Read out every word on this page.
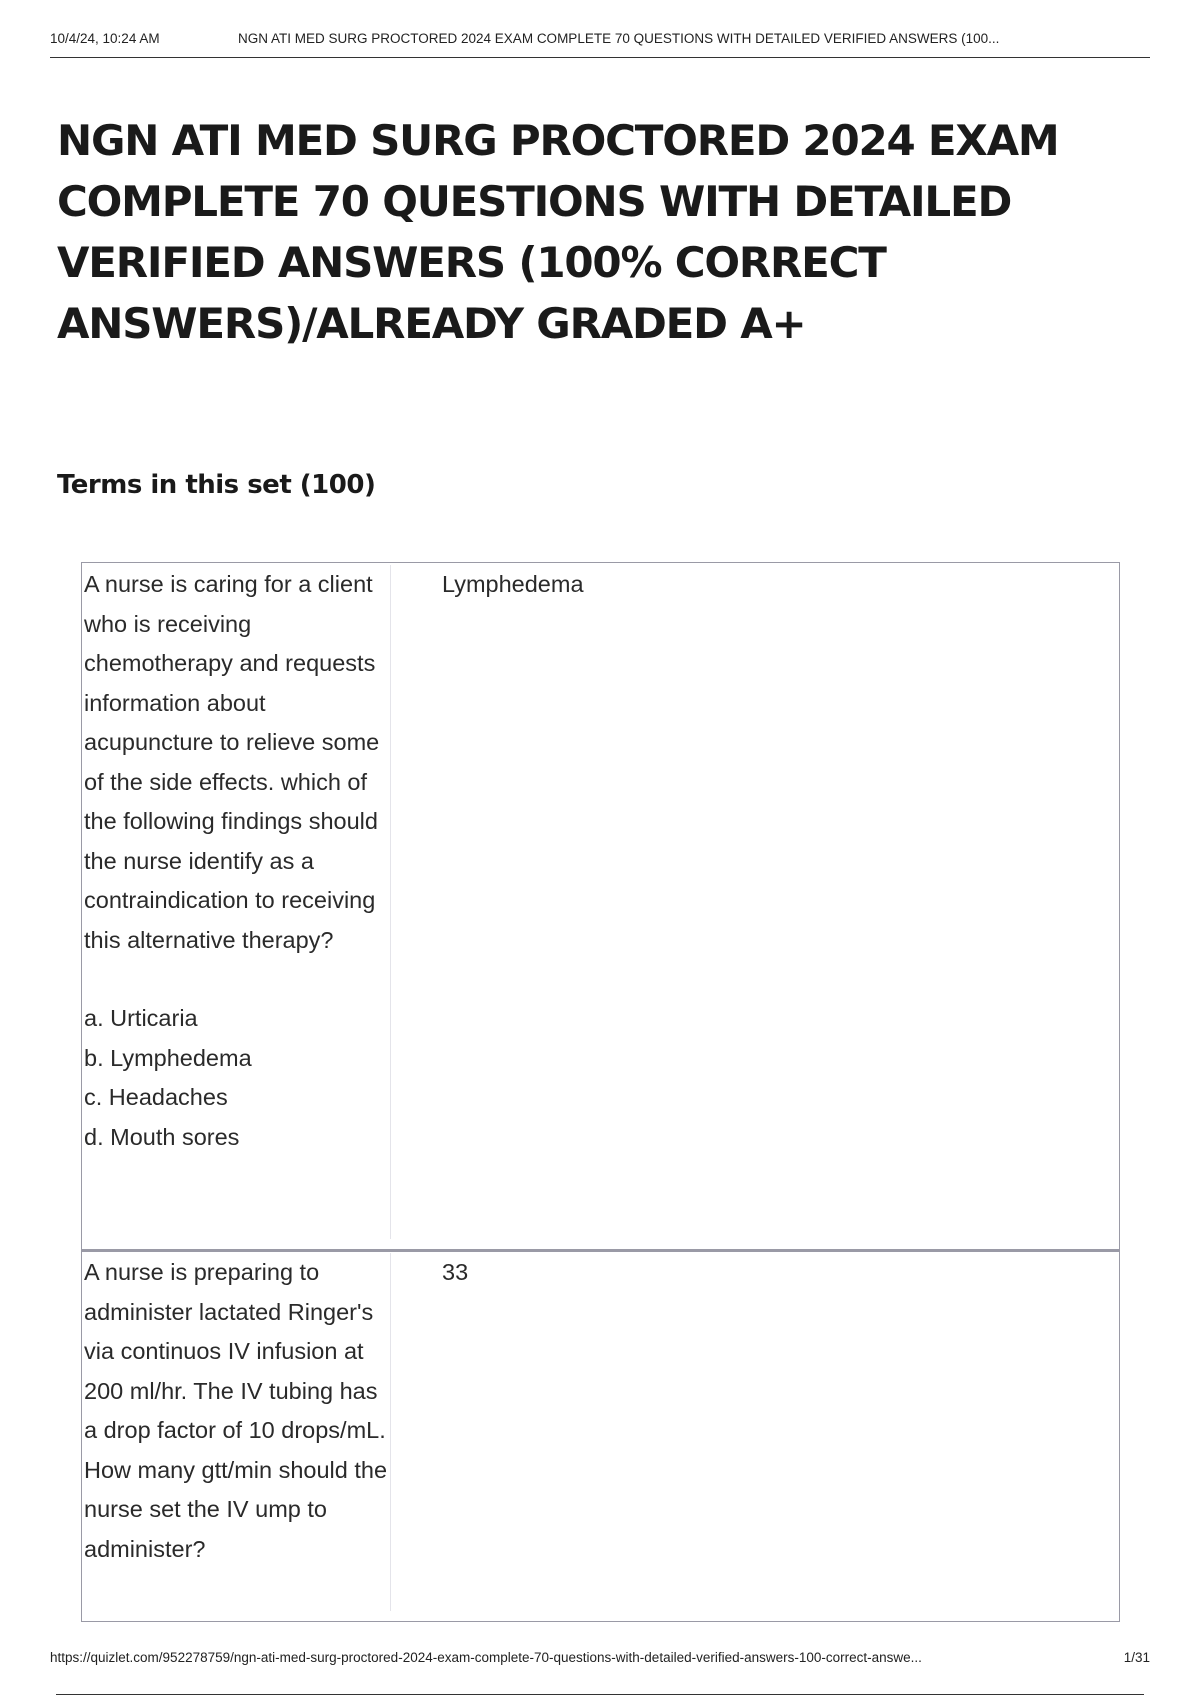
10/4/24, 10:24 AM	NGN ATI MED SURG PROCTORED 2024 EXAM COMPLETE 70 QUESTIONS WITH DETAILED VERIFIED ANSWERS (100...
NGN ATI MED SURG PROCTORED 2024 EXAM COMPLETE 70 QUESTIONS WITH DETAILED VERIFIED ANSWERS (100% CORRECT ANSWERS)/ALREADY GRADED A+
Terms in this set (100)

A nurse is caring for a client who is receiving chemotherapy and requests information about acupuncture to relieve some of the side effects. which of the following findings should the nurse identify as a contraindication to receiving this alternative therapy?

a. Urticaria

b. Lymphedema

c. Headaches

d. Mouth sores

Lymphedema

A nurse is preparing to administer lactated Ringer's via continuos IV infusion at 200 ml/hr. The IV tubing has a drop factor of 10 drops/mL. How many gtt/min should the nurse set the IV ump to administer?

33
https://quizlet.com/952278759/ngn-ati-med-surg-proctored-2024-exam-complete-70-questions-with-detailed-verified-answers-100-correct-answe...	1/31
